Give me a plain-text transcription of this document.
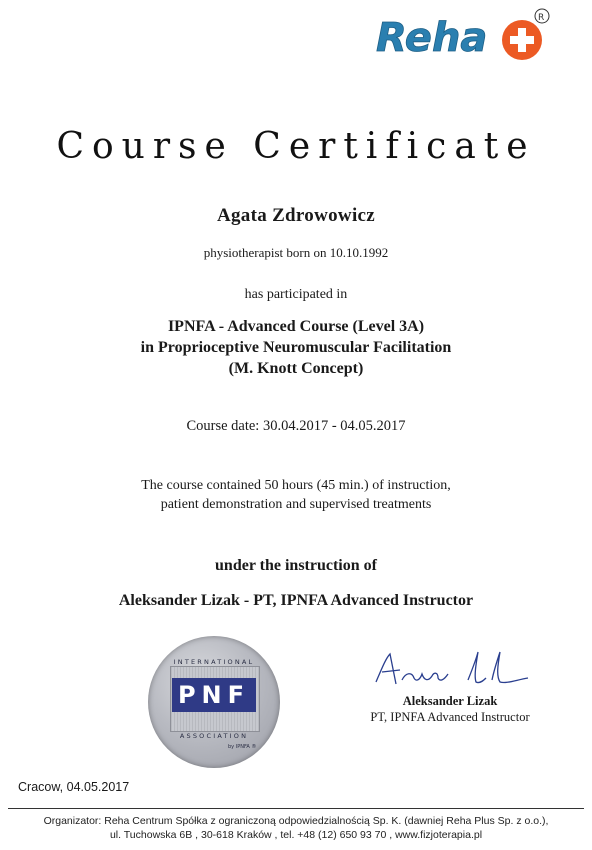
Reha	R
Course Certificate
Agata Zdrowowicz
physiotherapist born on 10.10.1992
has participated in
IPNFA - Advanced Course (Level 3A)
in Proprioceptive Neuromuscular Facilitation
(M. Knott Concept)
Course date: 30.04.2017 - 04.05.2017
The course contained 50 hours (45 min.) of instruction,
patient demonstration and supervised treatments
under the instruction of
Aleksander Lizak - PT, IPNFA Advanced Instructor
INTERNATIONAL
PNF
ASSOCIATION
by IPNFA ®
Aleksander Lizak
PT, IPNFA Advanced Instructor
Cracow, 04.05.2017
Organizator: Reha Centrum Spółka z ograniczoną odpowiedzialnością Sp. K. (dawniej Reha Plus Sp. z o.o.),
ul. Tuchowska 6B , 30-618 Kraków , tel. +48 (12) 650 93 70 , www.fizjoterapia.pl
